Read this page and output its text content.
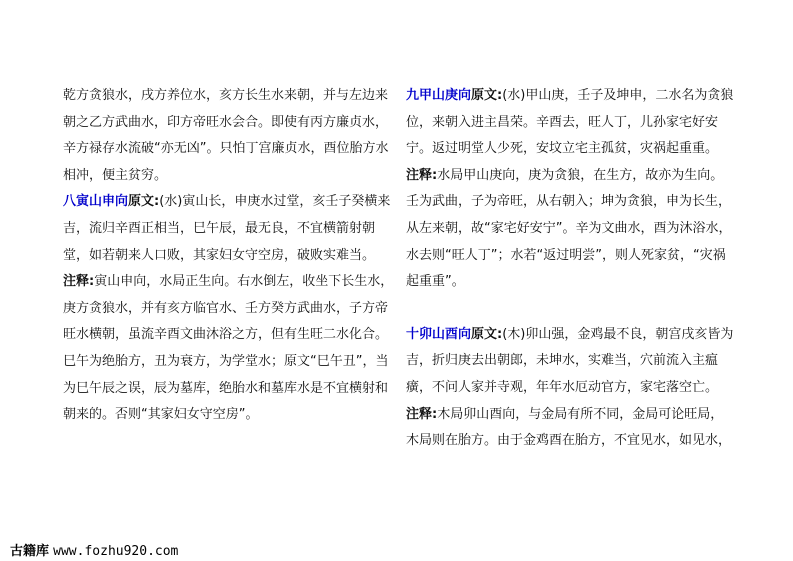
乾方贪狼水，戌方养位水，亥方长生水来朝，并与左边来朝之乙方武曲水，印方帝旺水会合。即使有丙方廉贞水，辛方禄存水流破“亦无凶”。只怕丁宫廉贞水，酉位胎方水相冲，便主贫穷。

八寅山申向原文:(水)寅山长，申庚水过堂，亥壬子癸横来吉，流归辛酉正相当，巳午辰，最无良，不宜横箭射朝堂，如若朝来人口败，其家妇女守空房，破败实难当。

注释:寅山申向，水局正生向。右水倒左，收坐下长生水，庚方贪狼水，并有亥方临官水、壬方癸方武曲水，子方帝旺水横朝，虽流辛酉文曲沐浴之方，但有生旺二水化合。巳午为绝胎方，丑为衰方，为学堂水；原文“巳午丑”，当为巳午辰之误，辰为墓库，绝胎水和墓库水是不宜横射和朝来的。否则“其家妇女守空房”。

九甲山庚向原文:(水)甲山庚，壬子及坤申，二水名为贪狼位，来朝入进主昌荣。辛酉去，旺人丁，儿孙家宅好安宁。返过明堂人少死，安坟立宅主孤贫，灾祸起重重。

注释:水局甲山庚向，庚为贪狼，在生方，故亦为生向。壬为武曲，子为帝旺，从右朝入；坤为贪狼，申为长生，从左来朝，故“家宅好安宁”。辛为文曲水，酉为沐浴水，水去则“旺人丁”；水若“返过明尝”，则人死家贫，“灾祸起重重”。

十卯山酉向原文:(木)卯山强，金鸡最不良，朝宫戌亥皆为吉，折归庚去出朝郎，未坤水，实难当，穴前流入主瘟癀，不问人家并寺观，年年水厄动官方，家宅落空亡。

注释:木局卯山酉向，与金局有所不同，金局可论旺局，木局则在胎方。由于金鸡酉在胎方，不宜见水，如见水，

古籍库 www.fozhu920.com
